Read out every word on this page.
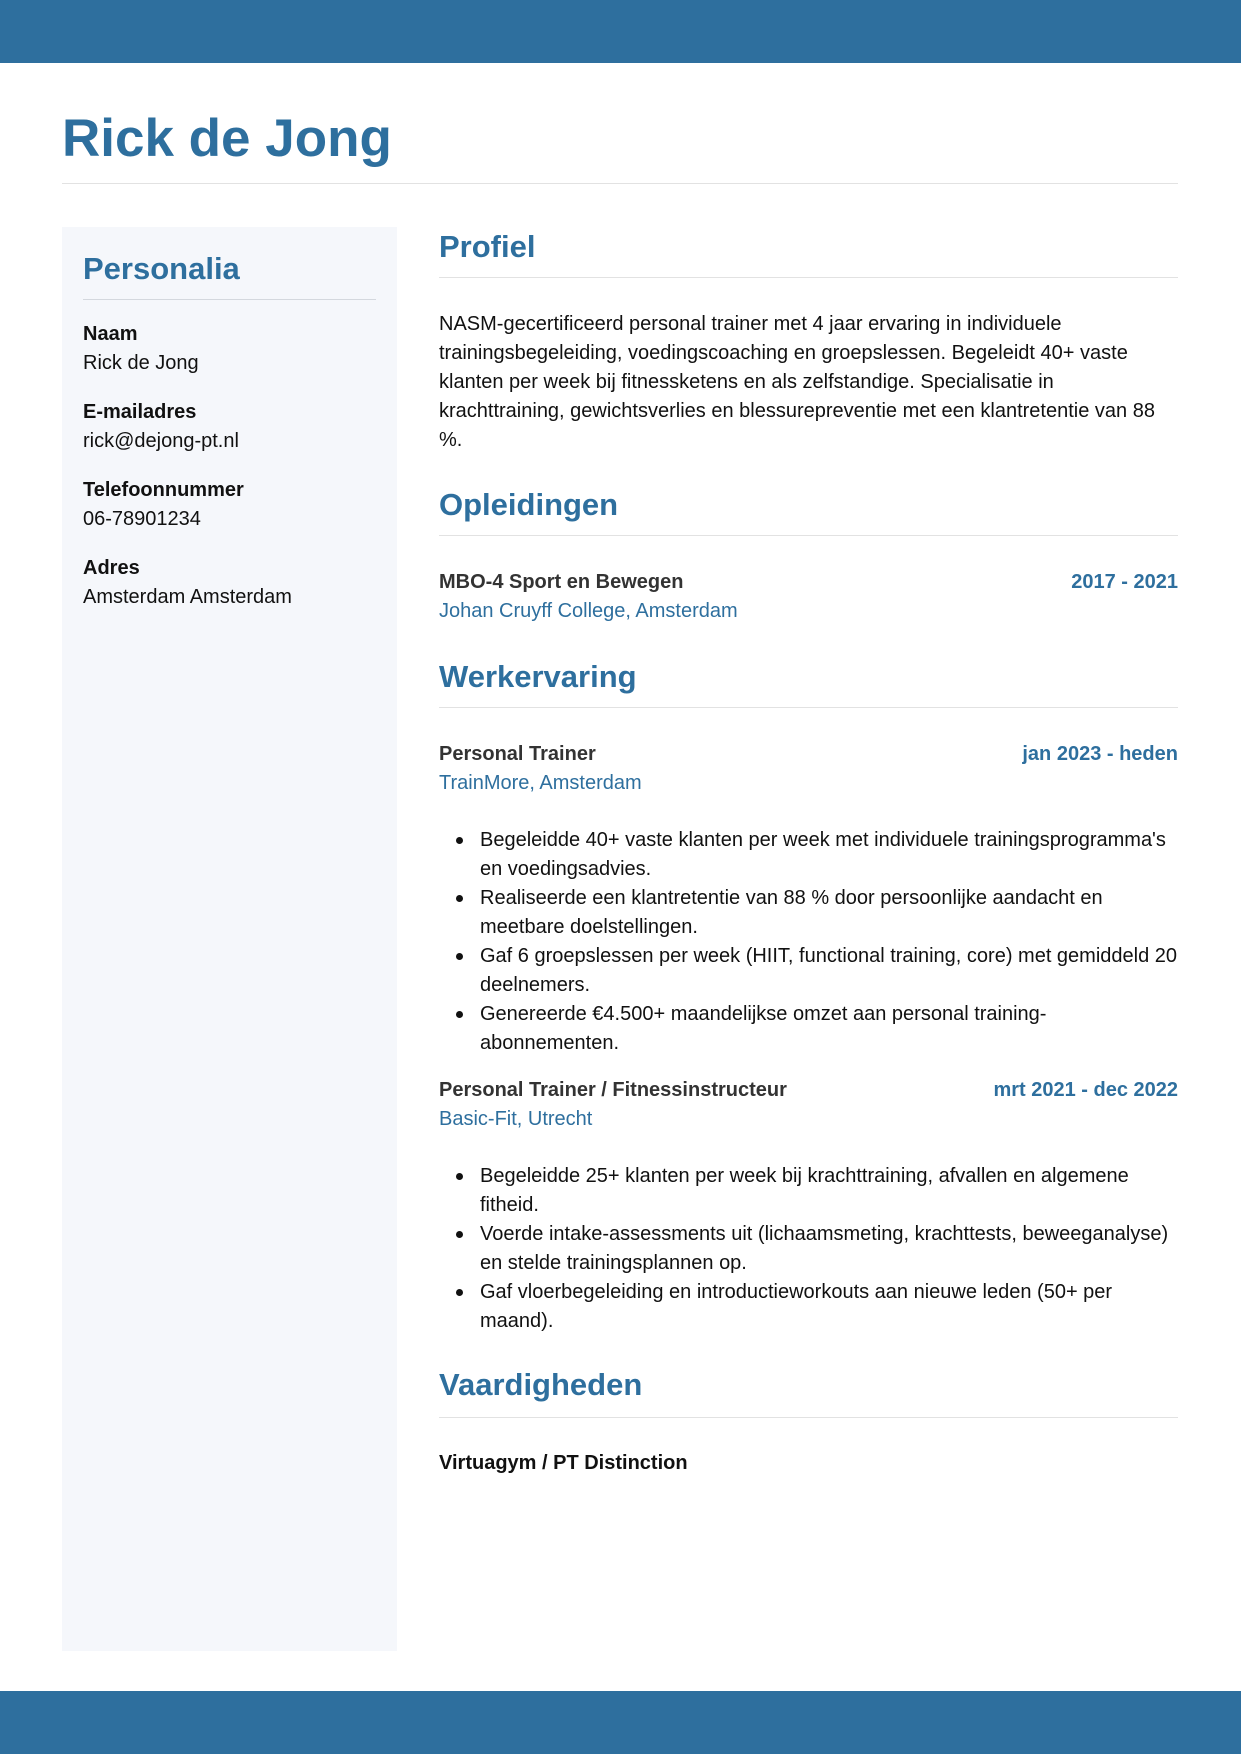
Rick de Jong
Personalia
Naam
Rick de Jong
E-mailadres
rick@dejong-pt.nl
Telefoonnummer
06-78901234
Adres
Amsterdam Amsterdam
Profiel

NASM-gecertificeerd personal trainer met 4 jaar ervaring in individuele trainingsbegeleiding, voedingscoaching en groepslessen. Begeleidt 40+ vaste klanten per week bij fitnessketens en als zelfstandige. Specialisatie in krachttraining, gewichtsverlies en blessurepreventie met een klantretentie van 88 %.

Opleidingen
MBO-4 Sport en Bewegen	2017 - 2021
Johan Cruyff College, Amsterdam
Werkervaring
Personal Trainer	jan 2023 - heden
TrainMore, Amsterdam
Begeleidde 40+ vaste klanten per week met individuele trainingsprogramma's en voedingsadvies.
Realiseerde een klantretentie van 88 % door persoonlijke aandacht en meetbare doelstellingen.
Gaf 6 groepslessen per week (HIIT, functional training, core) met gemiddeld 20 deelnemers.
Genereerde €4.500+ maandelijkse omzet aan personal training-abonnementen.
Personal Trainer / Fitnessinstructeur	mrt 2021 - dec 2022
Basic-Fit, Utrecht
Begeleidde 25+ klanten per week bij krachttraining, afvallen en algemene fitheid.
Voerde intake-assessments uit (lichaamsmeting, krachttests, beweeganalyse) en stelde trainingsplannen op.
Gaf vloerbegeleiding en introductieworkouts aan nieuwe leden (50+ per maand).
Vaardigheden
Virtuagym / PT Distinction
